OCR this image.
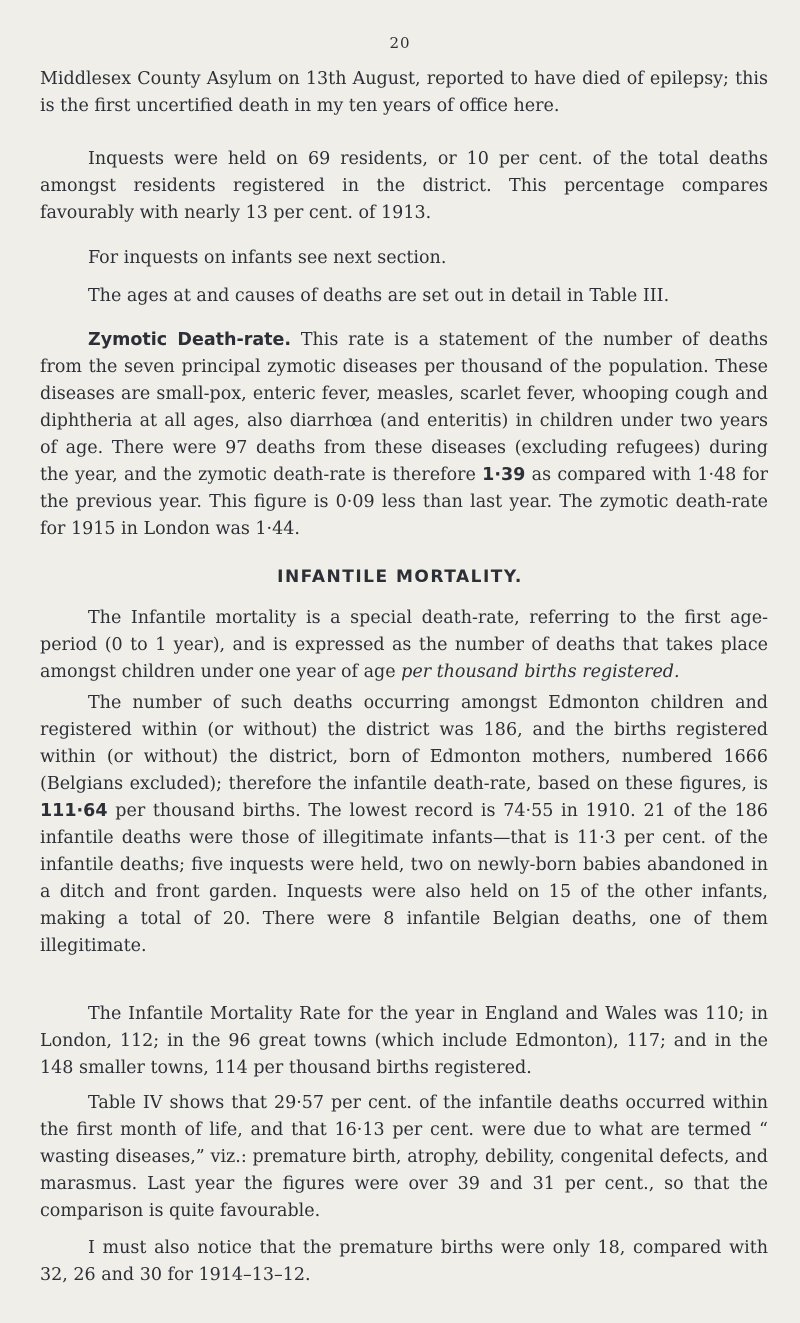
20

Middlesex County Asylum on 13th August, reported to have died of epilepsy; this is the first uncertified death in my ten years of office here.

Inquests were held on 69 residents, or 10 per cent. of the total deaths amongst residents registered in the district. This percentage compares favourably with nearly 13 per cent. of 1913.

For inquests on infants see next section.

The ages at and causes of deaths are set out in detail in Table III.

Zymotic Death-rate. This rate is a statement of the number of deaths from the seven principal zymotic diseases per thousand of the population. These diseases are small-pox, enteric fever, measles, scarlet fever, whooping cough and diphtheria at all ages, also diarrhœa (and enteritis) in children under two years of age. There were 97 deaths from these diseases (excluding refugees) during the year, and the zymotic death-rate is therefore 1·39 as compared with 1·48 for the previous year. This figure is 0·09 less than last year. The zymotic death-rate for 1915 in London was 1·44.

INFANTILE MORTALITY.

The Infantile mortality is a special death-rate, referring to the first age-period (0 to 1 year), and is expressed as the number of deaths that takes place amongst children under one year of age per thousand births registered.

The number of such deaths occurring amongst Edmonton children and registered within (or without) the district was 186, and the births registered within (or without) the district, born of Edmonton mothers, numbered 1666 (Belgians excluded); therefore the infantile death-rate, based on these figures, is 111·64 per thousand births. The lowest record is 74·55 in 1910. 21 of the 186 infantile deaths were those of illegitimate infants—that is 11·3 per cent. of the infantile deaths; five inquests were held, two on newly-born babies abandoned in a ditch and front garden. Inquests were also held on 15 of the other infants, making a total of 20. There were 8 infantile Belgian deaths, one of them illegitimate.

The Infantile Mortality Rate for the year in England and Wales was 110; in London, 112; in the 96 great towns (which include Edmonton), 117; and in the 148 smaller towns, 114 per thousand births registered.

Table IV shows that 29·57 per cent. of the infantile deaths occurred within the first month of life, and that 16·13 per cent. were due to what are termed “ wasting diseases,” viz.: premature birth, atrophy, debility, congenital defects, and marasmus. Last year the figures were over 39 and 31 per cent., so that the comparison is quite favourable.

I must also notice that the premature births were only 18, compared with 32, 26 and 30 for 1914–13–12.
